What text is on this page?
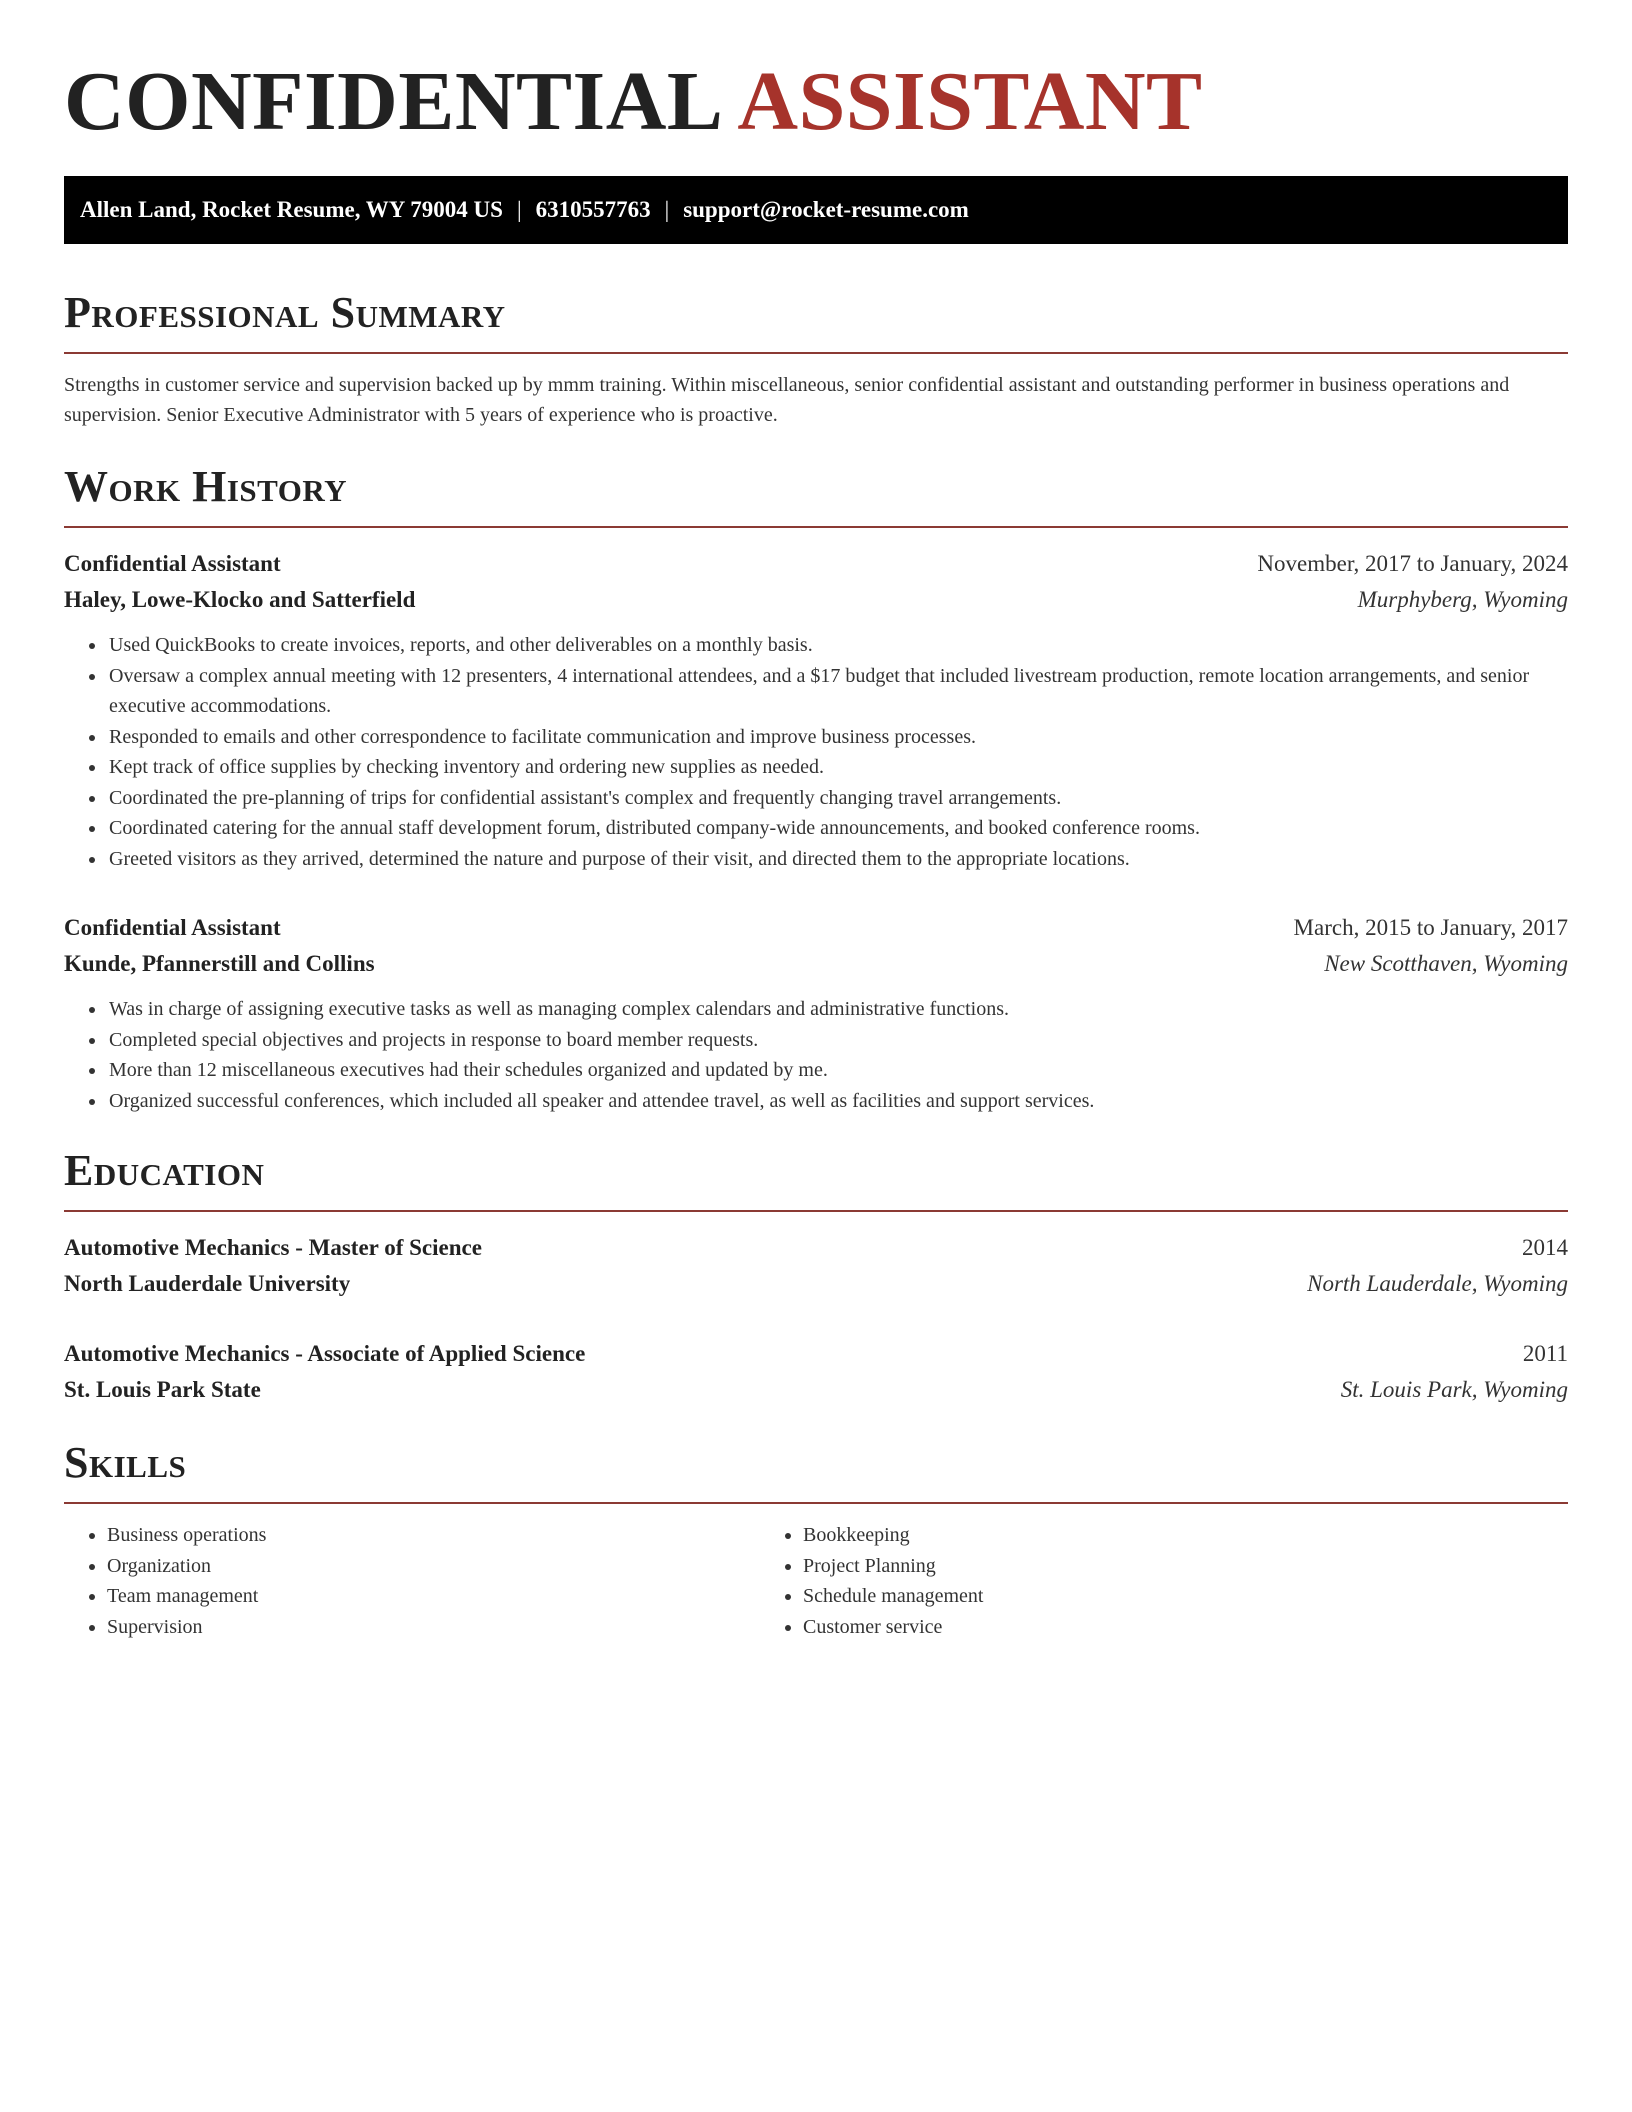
CONFIDENTIAL ASSISTANT
Allen Land, Rocket Resume, WY 79004 US | 6310557763 | support@rocket-resume.com
Professional Summary

Strengths in customer service and supervision backed up by mmm training. Within miscellaneous, senior confidential assistant and outstanding performer in business operations and supervision. Senior Executive Administrator with 5 years of experience who is proactive.

Work History
Confidential Assistant	November, 2017 to January, 2024
Haley, Lowe-Klocko and Satterfield	Murphyberg, Wyoming
• Used QuickBooks to create invoices, reports, and other deliverables on a monthly basis.
• Oversaw a complex annual meeting with 12 presenters, 4 international attendees, and a $17 budget that included livestream production, remote location arrangements, and senior executive accommodations.
• Responded to emails and other correspondence to facilitate communication and improve business processes.
• Kept track of office supplies by checking inventory and ordering new supplies as needed.
• Coordinated the pre-planning of trips for confidential assistant's complex and frequently changing travel arrangements.
• Coordinated catering for the annual staff development forum, distributed company-wide announcements, and booked conference rooms.
• Greeted visitors as they arrived, determined the nature and purpose of their visit, and directed them to the appropriate locations.
Confidential Assistant	March, 2015 to January, 2017
Kunde, Pfannerstill and Collins	New Scotthaven, Wyoming
• Was in charge of assigning executive tasks as well as managing complex calendars and administrative functions.
• Completed special objectives and projects in response to board member requests.
• More than 12 miscellaneous executives had their schedules organized and updated by me.
• Organized successful conferences, which included all speaker and attendee travel, as well as facilities and support services.
Education
Automotive Mechanics - Master of Science	2014
North Lauderdale University	North Lauderdale, Wyoming
Automotive Mechanics - Associate of Applied Science	2011
St. Louis Park State	St. Louis Park, Wyoming
Skills
• Business operations
• Organization
• Team management
• Supervision
• Bookkeeping
• Project Planning
• Schedule management
• Customer service
